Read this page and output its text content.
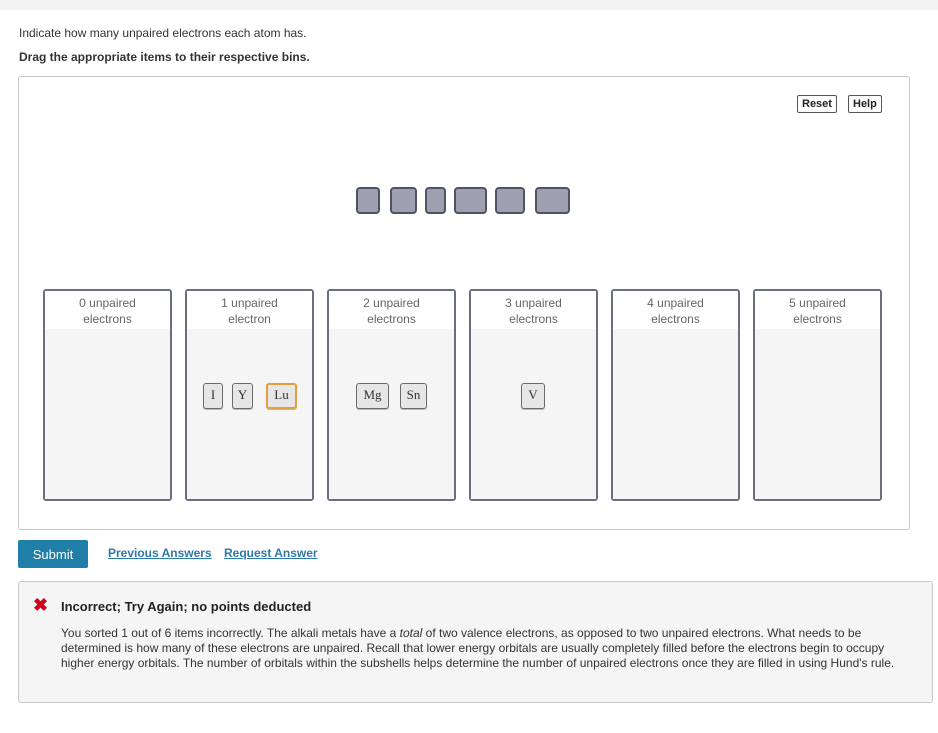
Indicate how many unpaired electrons each atom has.
Drag the appropriate items to their respective bins.
Reset	Help
0 unpaired
electrons
1 unpaired
electron
I	Y	Lu
2 unpaired
electrons
Mg	Sn
3 unpaired
electrons
V
4 unpaired
electrons
5 unpaired
electrons
Submit	Previous Answers Request Answer
✖ Incorrect; Try Again; no points deducted
You sorted 1 out of 6 items incorrectly. The alkali metals have a total of two valence electrons, as opposed to two unpaired electrons. What needs to be determined is how many of these electrons are unpaired. Recall that lower energy orbitals are usually completely filled before the electrons begin to occupy higher energy orbitals. The number of orbitals within the subshells helps determine the number of unpaired electrons once they are filled in using Hund's rule.
